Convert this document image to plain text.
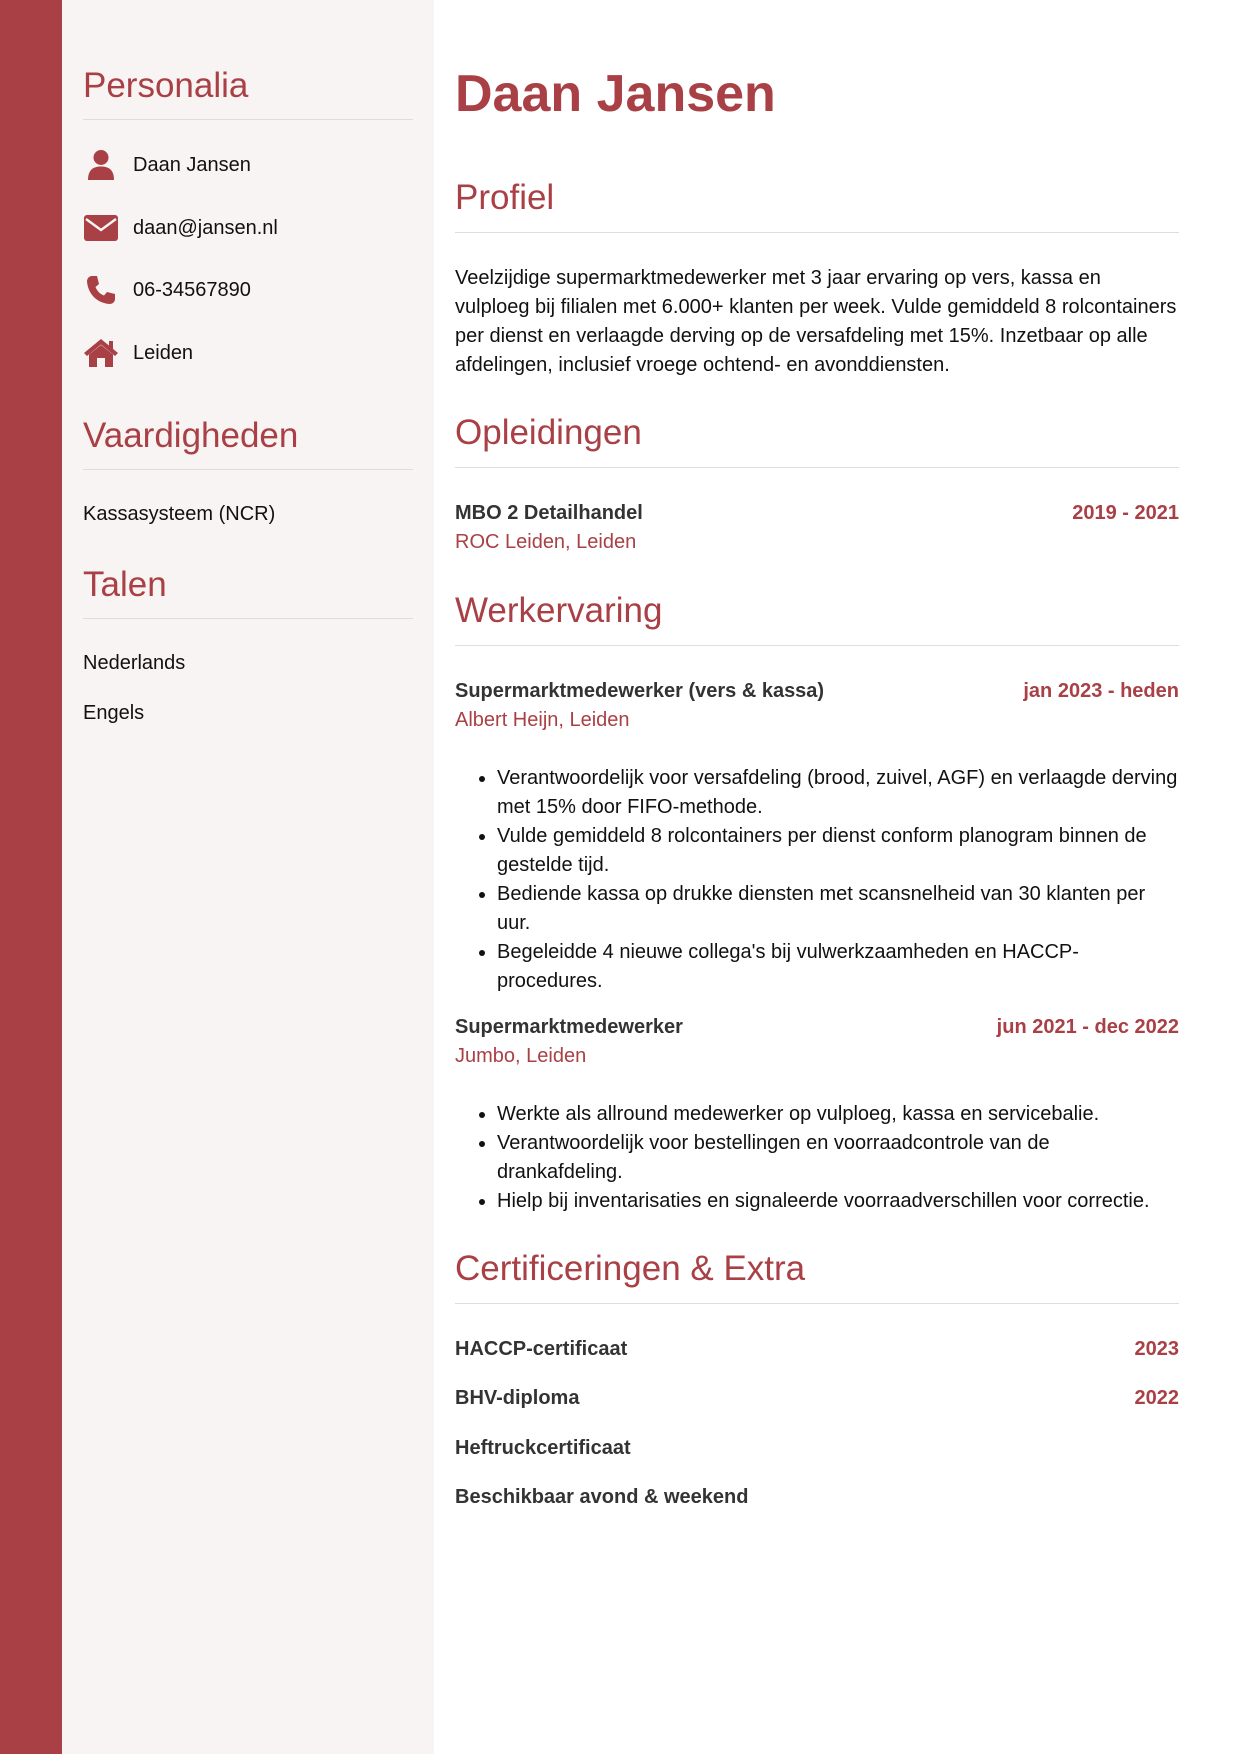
Personalia
Daan Jansen
daan@jansen.nl
06-34567890
Leiden
Vaardigheden
Kassasysteem (NCR)
Talen
Nederlands
Engels
Daan Jansen
Profiel

Veelzijdige supermarktmedewerker met 3 jaar ervaring op vers, kassa en vulploeg bij filialen met 6.000+ klanten per week. Vulde gemiddeld 8 rolcontainers per dienst en verlaagde derving op de versafdeling met 15%. Inzetbaar op alle afdelingen, inclusief vroege ochtend- en avonddiensten.

Opleidingen
MBO 2 Detailhandel	2019 - 2021
ROC Leiden, Leiden
Werkervaring
Supermarktmedewerker (vers & kassa)	jan 2023 - heden
Albert Heijn, Leiden
• Verantwoordelijk voor versafdeling (brood, zuivel, AGF) en verlaagde derving met 15% door FIFO-methode.
• Vulde gemiddeld 8 rolcontainers per dienst conform planogram binnen de gestelde tijd.
• Bediende kassa op drukke diensten met scansnelheid van 30 klanten per uur.
• Begeleidde 4 nieuwe collega's bij vulwerkzaamheden en HACCP-procedures.
Supermarktmedewerker	jun 2021 - dec 2022
Jumbo, Leiden
• Werkte als allround medewerker op vulploeg, kassa en servicebalie.
• Verantwoordelijk voor bestellingen en voorraadcontrole van de drankafdeling.
• Hielp bij inventarisaties en signaleerde voorraadverschillen voor correctie.
Certificeringen & Extra
HACCP-certificaat	2023
BHV-diploma	2022
Heftruckcertificaat
Beschikbaar avond & weekend
